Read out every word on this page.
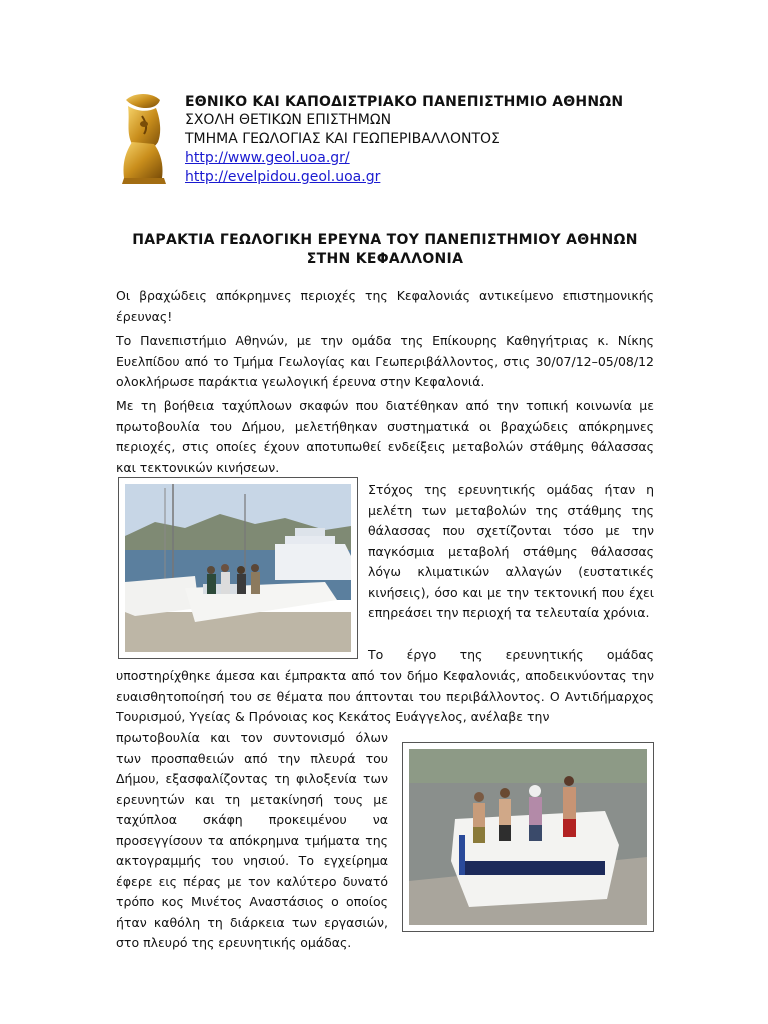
ΕΘΝΙΚΟ ΚΑΙ ΚΑΠΟΔΙΣΤΡΙΑΚΟ ΠΑΝΕΠΙΣΤΗΜΙΟ ΑΘΗΝΩΝ
ΣΧΟΛΗ ΘΕΤΙΚΩΝ ΕΠΙΣΤΗΜΩΝ
ΤΜΗΜΑ ΓΕΩΛΟΓΙΑΣ ΚΑΙ ΓΕΩΠΕΡΙΒΑΛΛΟΝΤΟΣ
http://www.geol.uoa.gr/
http://evelpidou.geol.uoa.gr
ΠΑΡΑΚΤΙΑ ΓΕΩΛΟΓΙΚΗ ΕΡΕΥΝΑ ΤΟΥ ΠΑΝΕΠΙΣΤΗΜΙΟΥ ΑΘΗΝΩΝ
ΣΤΗΝ ΚΕΦΑΛΛΟΝΙΑ
Οι βραχώδεις απόκρημνες περιοχές της Κεφαλονιάς αντικείμενο επιστημονικής έρευνας!
Το Πανεπιστήμιο Αθηνών, με την ομάδα της Επίκουρης Καθηγήτριας κ. Νίκης Ευελπίδου από το Τμήμα Γεωλογίας και Γεωπεριβάλλοντος, στις 30/07/12–05/08/12 ολοκλήρωσε παράκτια γεωλογική έρευνα στην Κεφαλονιά.
Με τη βοήθεια ταχύπλοων σκαφών που διατέθηκαν από την τοπική κοινωνία με πρωτοβουλία του Δήμου, μελετήθηκαν συστηματικά οι βραχώδεις απόκρημνες περιοχές, στις οποίες έχουν αποτυπωθεί ενδείξεις μεταβολών στάθμης θάλασσας και τεκτονικών κινήσεων.
Στόχος της ερευνητικής ομάδας ήταν η μελέτη των μεταβολών της στάθμης της θάλασσας που σχετίζονται τόσο με την παγκόσμια μεταβολή στάθμης θάλασσας λόγω κλιματικών αλλαγών (ευστατικές κινήσεις), όσο και με την τεκτονική που έχει επηρεάσει την περιοχή τα τελευταία χρόνια.
Το έργο της ερευνητικής ομάδας
υποστηρίχθηκε άμεσα και έμπρακτα από τον δήμο Κεφαλονιάς, αποδεικνύοντας την ευαισθητοποίησή του σε θέματα που άπτονται του περιβάλλοντος. Ο Αντιδήμαρχος Τουρισμού, Υγείας & Πρόνοιας κος Κεκάτος Ευάγγελος, ανέλαβε την
πρωτοβουλία και τον συντονισμό όλων των προσπαθειών από την πλευρά του Δήμου, εξασφαλίζοντας τη φιλοξενία των ερευνητών και τη μετακίνησή τους με ταχύπλοα σκάφη προκειμένου να προσεγγίσουν τα απόκρημνα τμήματα της ακτογραμμής του νησιού. Το εγχείρημα έφερε εις πέρας με τον καλύτερο δυνατό τρόπο κος Μινέτος Αναστάσιος ο οποίος ήταν καθόλη τη διάρκεια των εργασιών, στο πλευρό της ερευνητικής ομάδας.
